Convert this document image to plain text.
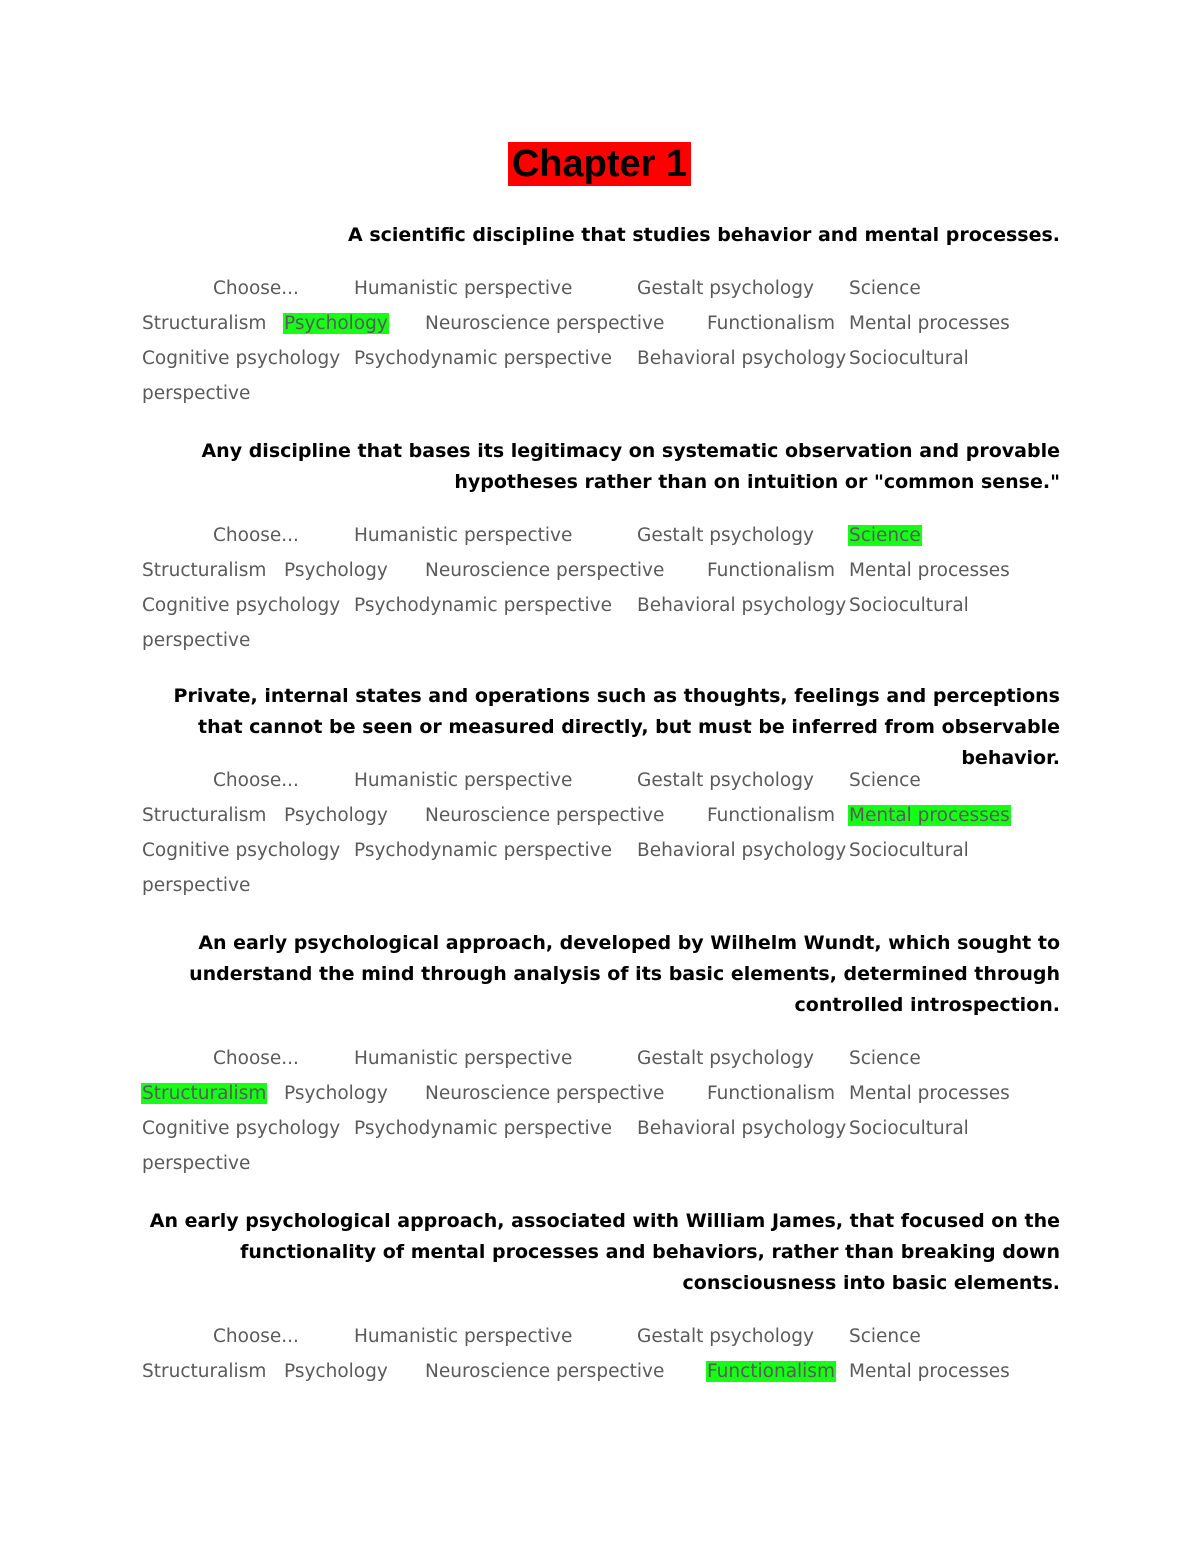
Chapter 1
A scientific discipline that studies behavior and mental processes.
Choose...	Humanistic perspective	Gestalt psychology Science
Structuralism Psychology Neuroscience perspective Functionalism Mental processes
Cognitive psychology Psychodynamic perspective Behavioral psychology Sociocultural
perspective
Any discipline that bases its legitimacy on systematic observation and provable hypotheses rather than on intuition or "common sense."
Choose...	Humanistic perspective	Gestalt psychology Science
Structuralism Psychology Neuroscience perspective Functionalism Mental processes
Cognitive psychology Psychodynamic perspective Behavioral psychology Sociocultural
perspective
Private, internal states and operations such as thoughts, feelings and perceptions that cannot be seen or measured directly, but must be inferred from observable behavior.
Choose...	Humanistic perspective	Gestalt psychology Science
Structuralism Psychology Neuroscience perspective Functionalism Mental processes
Cognitive psychology Psychodynamic perspective Behavioral psychology Sociocultural
perspective
An early psychological approach, developed by Wilhelm Wundt, which sought to understand the mind through analysis of its basic elements, determined through controlled introspection.
Choose...	Humanistic perspective	Gestalt psychology Science
Structuralism Psychology Neuroscience perspective Functionalism Mental processes
Cognitive psychology Psychodynamic perspective Behavioral psychology Sociocultural
perspective
An early psychological approach, associated with William James, that focused on the functionality of mental processes and behaviors, rather than breaking down consciousness into basic elements.
Choose...	Humanistic perspective	Gestalt psychology Science
Structuralism Psychology Neuroscience perspective Functionalism Mental processes
